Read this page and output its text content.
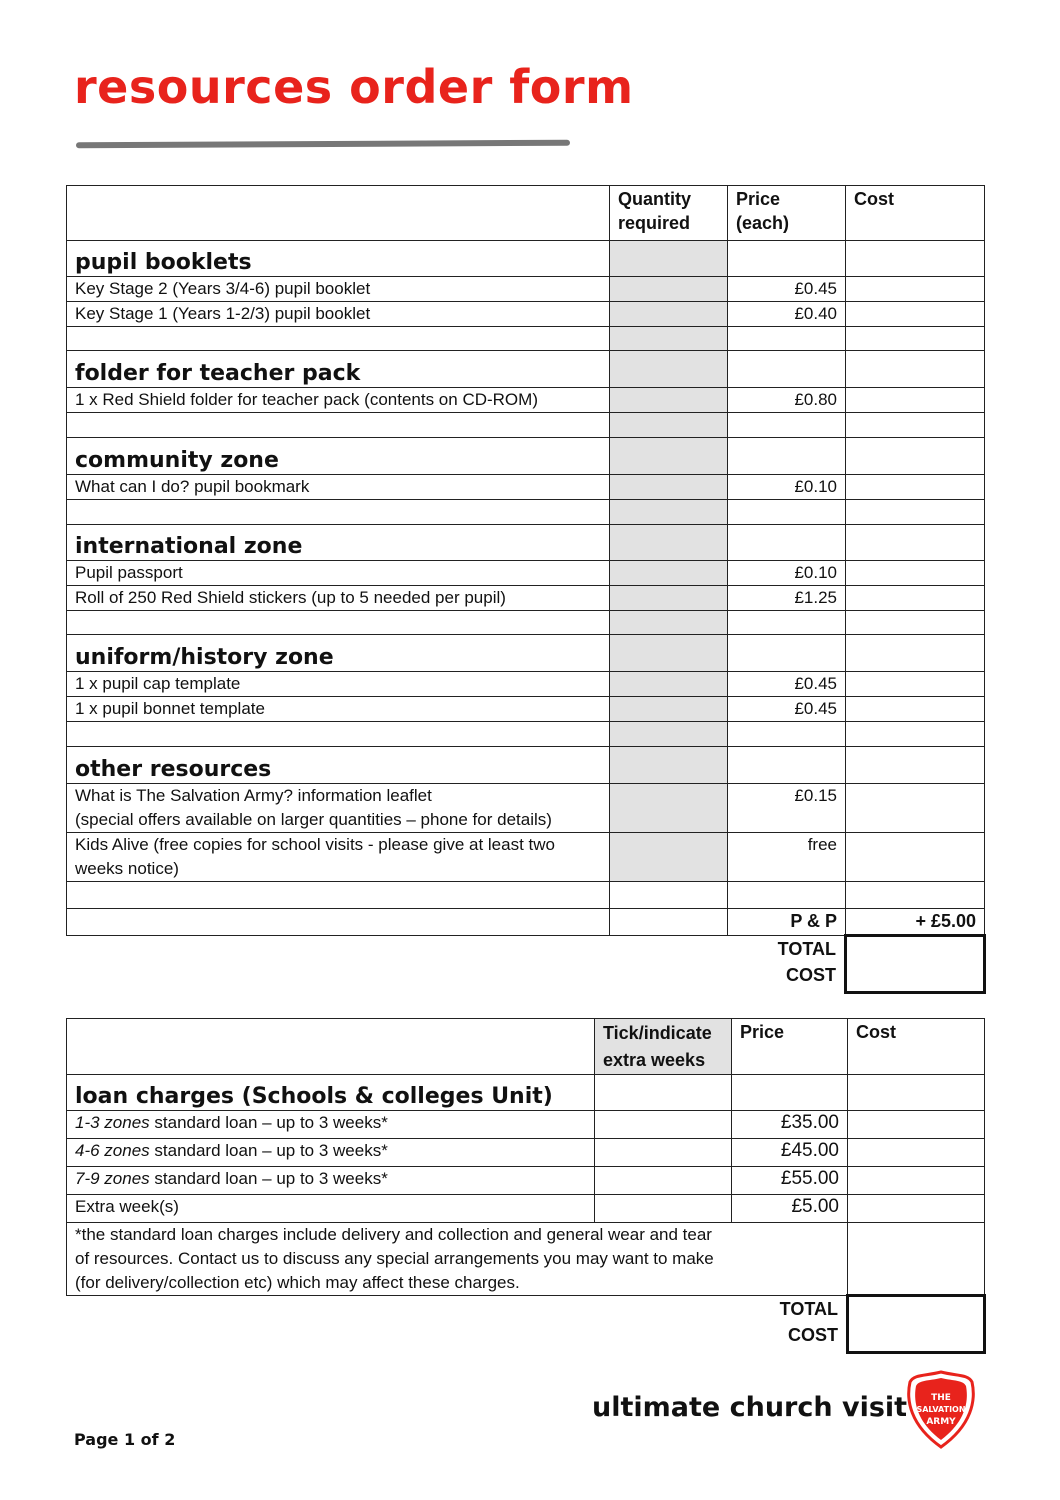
resources order form
	Quantity required	Price (each)	Cost
pupil booklets			
Key Stage 2 (Years 3/4-6) pupil booklet		£0.45	
Key Stage 1 (Years 1-2/3) pupil booklet		£0.40	

folder for teacher pack			
1 x Red Shield folder for teacher pack (contents on CD-ROM)		£0.80	

community zone			
What can I do? pupil bookmark		£0.10	

international zone			
Pupil passport		£0.10	
Roll of 250 Red Shield stickers (up to 5 needed per pupil)		£1.25	

uniform/history zone			
1 x pupil cap template		£0.45	
1 x pupil bonnet template		£0.45	

other resources			

What is The Salvation Army? information leaflet
(special offers available on larger quantities – phone for details)		£0.15	

Kids Alive (free copies for school visits - please give at least two
weeks notice)		free	

		P & P	+ £5.00

		TOTAL
COST	

	Tick/indicate extra weeks	Price	Cost
loan charges (Schools & colleges Unit)			
1-3 zones standard loan – up to 3 weeks*		£35.00	
4-6 zones standard loan – up to 3 weeks*		£45.00	
7-9 zones standard loan – up to 3 weeks*		£55.00	
Extra week(s)		£5.00	
*the standard loan charges include delivery and collection and general wear and tear of resources. Contact us to discuss any special arrangements you may want to make (for delivery/collection etc) which may affect these charges.			

		TOTAL
COST	

ultimate church visit
Page 1 of 2
THE
SALVATION
ARMY
